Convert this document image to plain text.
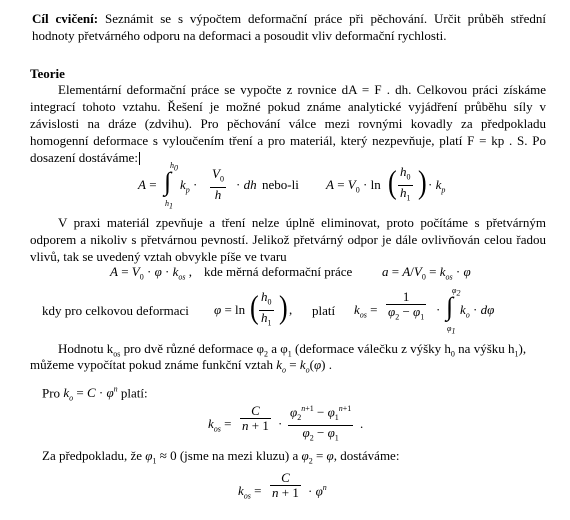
Cíl cvičení: Seznámit se s výpočtem deformační práce při pěchování. Určit průběh střední hodnoty přetvárného odporu na deformaci a posoudit vliv deformační rychlosti.
Teorie
Elementární deformační práce se vypočte z rovnice dA = F . dh. Celkovou práci získáme integrací tohoto vztahu. Řešení je možné pokud známe analytické vyjádření průběhu síly v závislosti na dráze (zdvihu). Pro pěchování válce mezi rovnými kovadly za předpokladu homogenní deformace s vyloučením tření a pro materiál, který nezpevňuje, platí F = kp . S. Po dosazení dostáváme:
A = ∫
$h_0$
$h_1$
$k_p \cdot \frac{V_0}{h}$ · dh nebo-li $A = V_0 \cdot \ln$ ( $\frac{h_0}{h_1}$ ) · $k_p$
V praxi materiál zpevňuje a tření nelze úplně eliminovat, proto počítáme s přetvárným odporem a nikoliv s přetvárnou pevností. Jelikož přetvárný odpor je dále ovlivňován celou řadou vlivů, tak se uvedený vztah obvykle píše ve tvaru
$A = V_0 \cdot \varphi \cdot k_{os}$ , kde měrná deformační práce $a = A/V_0 = k_{os} \cdot \varphi$
kdy pro celkovou deformaci φ = ln ( $\frac{h_0}{h_1}$ ) , platí $k_{os} = \frac{1}{\varphi_2 - \varphi_1}$ · ∫
$\varphi_2$
$\varphi_1$
$k_o \cdot d\varphi$
Hodnotu $k_{os}$ pro dvě různé deformace $\varphi_2$ a $\varphi_1$ (deformace válečku z výšky $h_0$ na výšku $h_1$),
můžeme vypočítat pokud známe funkční vztah $k_o = k_o(\varphi)$ .
Pro $k_o = C \cdot \varphi^n$ platí:
$k_{os} = \frac{C}{n + 1} \cdot \frac{\varphi_2^{n+1} - \varphi_1^{n+1}}{\varphi_2 - \varphi_1}$ .
Za předpokladu, že $\varphi_1 \approx 0$ (jsme na mezi kluzu) a $\varphi_2 = \varphi$, dostáváme:
$k_{os} = \frac{C}{n + 1} \cdot \varphi^n$
